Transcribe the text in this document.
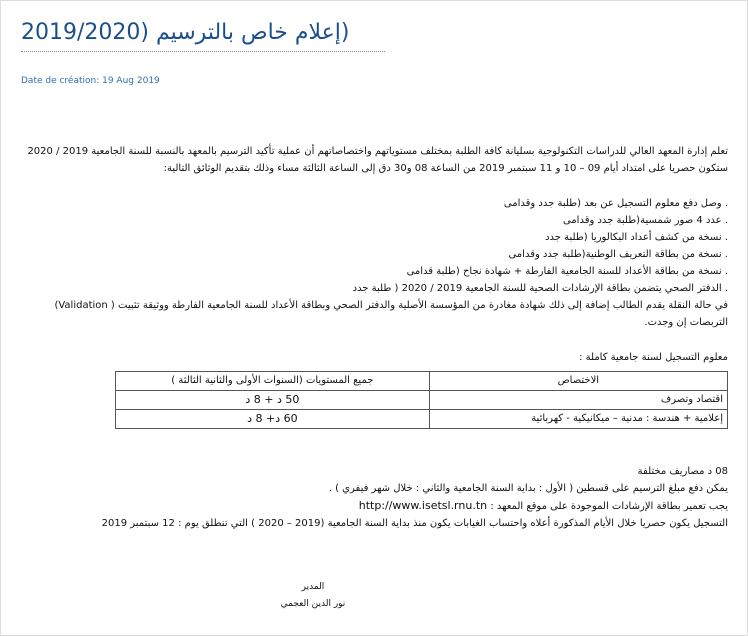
(إعلام خاص بالترسيم (2019/2020
Date de création: 19 Aug 2019

تعلم إدارة المعهد العالي للدراسات التكنولوجية بسليانة كافة الطلبة بمختلف مستوياتهم واختصاصاتهم أن عملية تأكيد الترسيم بالمعهد بالنسبة للسنة الجامعية 2019 / 2020 ستكون حصريا على امتداد أيام 09 – 10 و 11 سبتمبر 2019 من الساعة 08 و30 دق إلى الساعة الثالثة مساء وذلك بتقديم الوثائق التالية:

. وصل دفع معلوم التسجيل عن بعد (طلبة جدد وقدامى
. عدد 4 صور شمسية(طلبة جدد وقدامى
. نسخة من كشف أعداد البكالوريا (طلبة جدد
. نسخة من بطاقة التعريف الوطنية(طلبة جدد وقدامى
. نسخة من بطاقة الأعداد للسنة الجامعية الفارطة + شهادة نجاح (طلبة قدامى
. الدفتر الصحي يتضمن بطاقة الإرشادات الصحية للسنة الجامعية 2019 / 2020 ( طلبة جدد

في حالة النقلة يقدم الطالب إضافة إلى ذلك شهادة مغادرة من المؤسسة الأصلية والدفتر الصحي وبطاقة الأعداد للسنة الجامعية الفارطة ووثيقة تثبيت ( Validation) التربصات إن وجدت.

معلوم التسجيل لسنة جامعية كاملة :

الاختصاص	جميع المستويات (السنوات الأولى والثانية الثالثة )
اقتصاد وتصرف	50 د + 8 د
إعلامية + هندسة : مدنية – ميكانيكية - كهربائية	60 د+ 8 د

08 د مصاريف مختلفة

يمكن دفع مبلغ الترسيم على قسطين ( الأول : بداية السنة الجامعية والثاني : خلال شهر فيفري ) .

يجب تعمير بطاقة الإرشادات الموجودة على موقع المعهد : http://www.isetsl.rnu.tn

التسجيل يكون حصريا خلال الأيام المذكورة أعلاه واحتساب الغيابات يكون منذ بداية السنة الجامعية (2019 – 2020 ) التي تنطلق يوم : 12 سبتمبر 2019

المدير
نور الدين العجمي
